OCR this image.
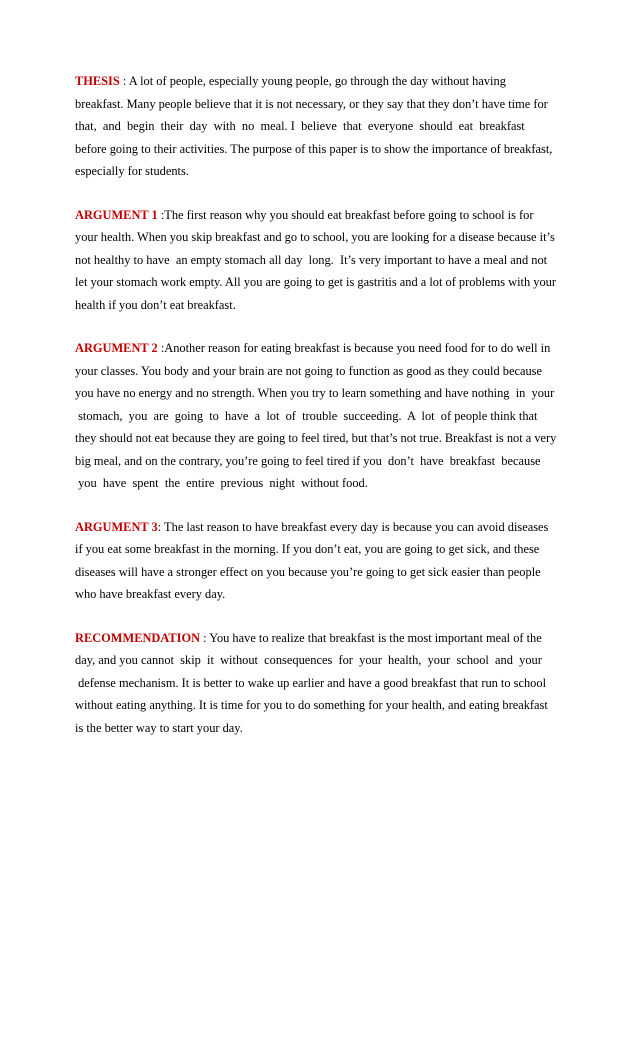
THESIS : A lot of people, especially young people, go through the day without having
breakfast. Many people believe that it is not necessary, or they say that they don’t have time for
that,  and  begin  their  day  with  no  meal. I  believe  that  everyone  should  eat  breakfast
before going to their activities. The purpose of this paper is to show the importance of breakfast,
especially for students.
ARGUMENT 1 :The first reason why you should eat breakfast before going to school is for
your health. When you skip breakfast and go to school, you are looking for a disease because it’s
not healthy to have  an empty stomach all day  long.  It’s very important to have a meal and not
let your stomach work empty. All you are going to get is gastritis and a lot of problems with your
health if you don’t eat breakfast.
ARGUMENT 2 :Another reason for eating breakfast is because you need food for to do well in
your classes. You body and your brain are not going to function as good as they could because
you have no energy and no strength. When you try to learn something and have nothing  in  your
stomach,  you  are  going  to  have  a  lot  of  trouble  succeeding.  A  lot  of people think that
they should not eat because they are going to feel tired, but that’s not true. Breakfast is not a very
big meal, and on the contrary, you’re going to feel tired if you  don’t  have  breakfast  because
you  have  spent  the  entire  previous  night  without food.
ARGUMENT 3: The last reason to have breakfast every day is because you can avoid diseases
if you eat some breakfast in the morning. If you don’t eat, you are going to get sick, and these
diseases will have a stronger effect on you because you’re going to get sick easier than people
who have breakfast every day.
RECOMMENDATION : You have to realize that breakfast is the most important meal of the
day, and you cannot  skip  it  without  consequences  for  your  health,  your  school  and  your
defense mechanism. It is better to wake up earlier and have a good breakfast that run to school
without eating anything. It is time for you to do something for your health, and eating breakfast
is the better way to start your day.
